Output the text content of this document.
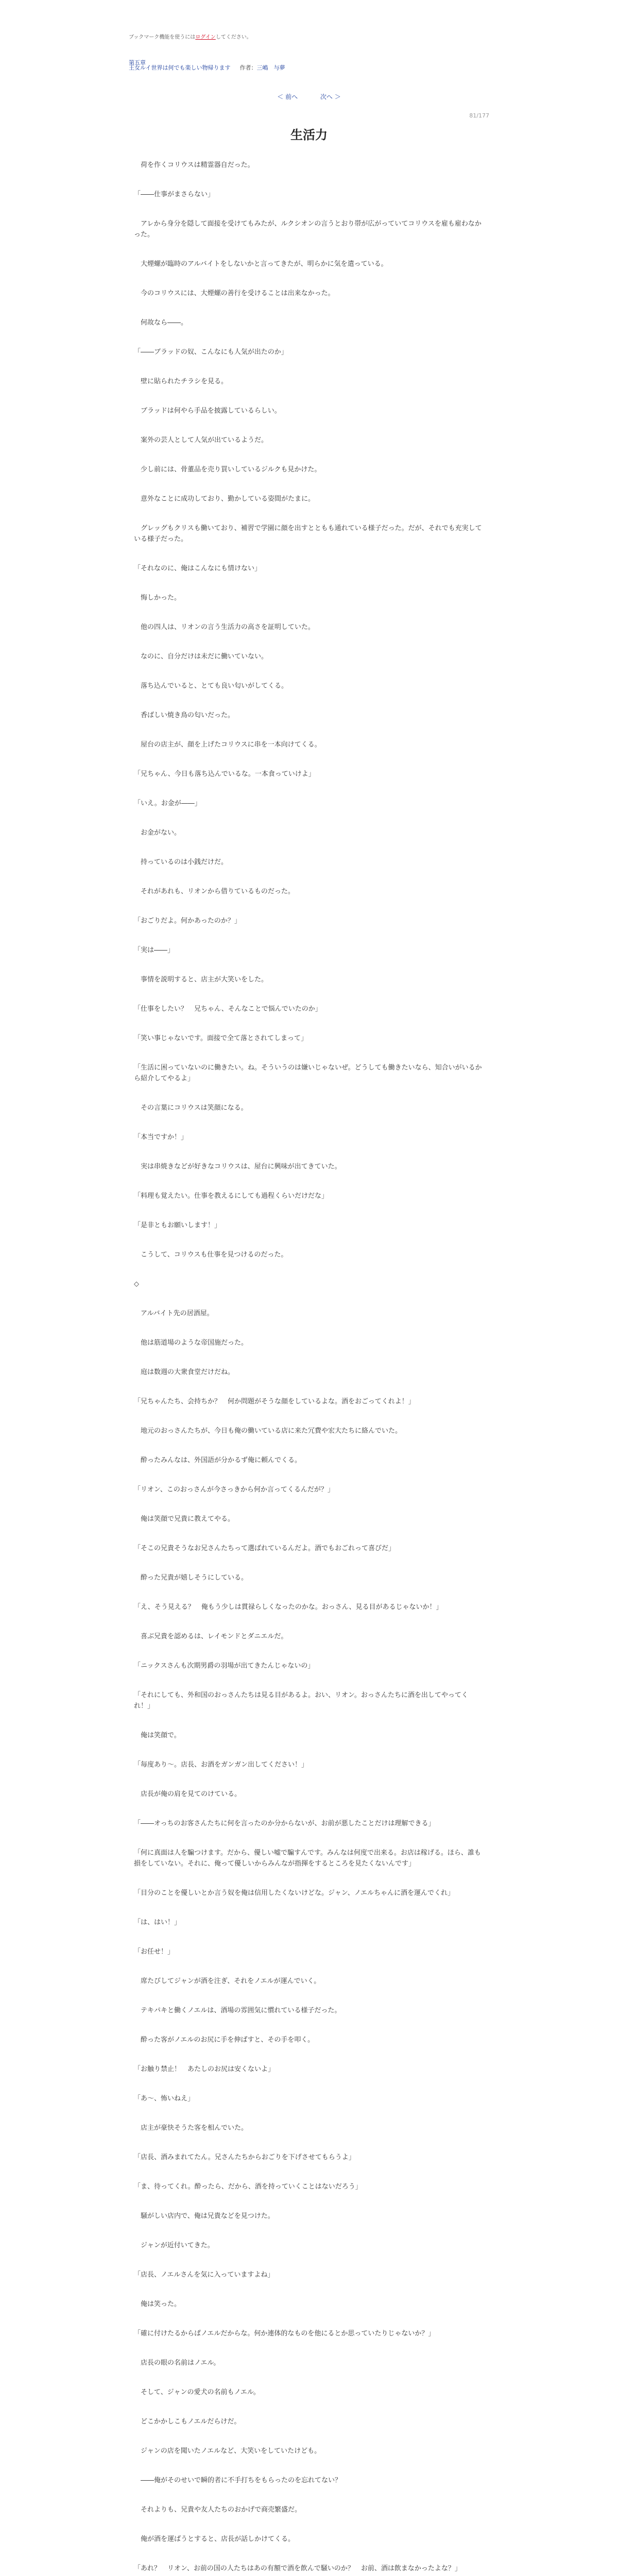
ブックマーク機能を使うにはログインしてください。
王女ルイ世界は何でも楽しい物帰ります 作者：三嶋　与夢
第五章
＜ 前へ	次へ ＞
81/177
生活力
　荷を作くコリウスは精霊器自だった。
「――仕事がまさらない」
　アレから身分を隠して面接を受けてもみたが、ルクシオンの言うとおり帯が広がっていてコリウスを雇も雇わなかった。
　大煙螺が臨時のアルバイトをしないかと言ってきたが、明らかに気を遣っている。
　今のコリウスには、大煙螺の善行を受けることは出来なかった。
　何故なら――。
「――ブラッドの奴、こんなにも人気が出たのか」
　壁に貼られたチラシを見る。
　ブラッドは何やら手品を披露しているらしい。
　案外の芸人として人気が出ているようだ。
　少し前には、骨董品を売り買いしているジルクも見かけた。
　意外なことに成功しており、勤かしている姿間がたまに。
　グレッグもクリスも働いており、補習で学園に顔を出すとともも通れている様子だった。だが、それでも充実している様子だった。
「それなのに、俺はこんなにも情けない」
　悔しかった。
　他の四人は、リオンの言う生活力の高さを証明していた。
　なのに、自分だけは未だに働いていない。
　落ち込んでいると、とても良い匂いがしてくる。
　香ばしい焼き鳥の匂いだった。
　屋台の店主が、顔を上げたコリウスに串を一本向けてくる。
「兄ちゃん、今日も落ち込んでいるな。一本食っていけよ」
「いえ。お金が――」
　お金がない。
　持っているのは小銭だけだ。
　それがあれも、リオンから借りているものだった。
「おごりだよ。何かあったのか？」
「実は――」
　事情を説明すると、店主が大笑いをした。
「仕事をしたい？　兄ちゃん、そんなことで悩んでいたのか」
「笑い事じゃないです。面接で全て落とされてしまって」
「生活に困っていないのに働きたい。ね。そういうのは嫌いじゃないぜ。どうしても働きたいなら、知合いがいるから紹介してやるよ」
　その言葉にコリウスは笑顔になる。
「本当ですか！」
　実は串焼きなどが好きなコリウスは、屋台に興味が出てきていた。
「料理も覚えたい。仕事を教えるにしても過程くらいだけだな」
「是非ともお願いします！」
　こうして、コリウスも仕事を見つけるのだった。
◇
　アルバイト先の居酒屋。
　他は筋道場のような帝国施だった。
　庭は数週の大衆食堂だけだね。
「兄ちゃんたち、会持ちか？　何か問題がそうな顔をしているよな。酒をおごってくれよ！」
　地元のおっさんたちが、今日も俺の働いている店に来た冗費や宏大たちに絡んでいた。
　酔ったみんなは、外国語が分かるず俺に頼んでくる。
「リオン、このおっさんが今さっきから何か言ってくるんだが？」
　俺は笑顔で兄貴に教えてやる。
「そこの兄貴そうなお兄さんたちって選ばれているんだよ。酒でもおごれって喜びだ」
　酔った兄貴が嬉しそうにしている。
「え、そう見える？　俺もう少しは貫禄らしくなったのかな。おっさん、見る目があるじゃないか！」
　喜ぶ兄貴を認めるは、レイモンドとダニエルだ。
「ニックスさんも次期男爵の羽場が出てきたんじゃないの」
「それにしても、外和国のおっさんたちは見る目があるよ。おい、リオン。おっさんたちに酒を出してやってくれ！」
　俺は笑顔で。
「毎度あり〜。店長、お酒をガンガン出してください！」
　店長が俺の肩を見てのけている。
「――オっちのお客さんたちに何を言ったのか分からないが、お前が悪したことだけは理解できる」
「何に真面は人を騙つけます。だから、優しい嘘で騙すんです。みんなは何度で出来る。お店は稼げる。ほら、誰も損をしていない。それに、俺って優しいからみんなが指揮をするところを見たくないんです」
「目分のことを優しいとか言う奴を俺は信用したくないけどな。ジャン、ノエルちゃんに酒を運んでくれ」
「は、はい！」
「お任せ！」
　席たびしてジャンが酒を注ぎ、それをノエルが運んでいく。
　テキパキと働くノエルは、酒場の雰囲気に慣れている様子だった。
　酔った客がノエルのお尻に手を伸ばすと、その手を叩く。
「お触り禁止！　あたしのお尻は安くないよ」
「あ〜、怖いねえ」
　店主が豪快そうた客を相んでいた。
「店長、酒みまれてたん。兄さんたちからおごりを下げさせてもらうよ」
「ま、待ってくれ。酔ったら、だから、酒を持っていくことはないだろう」
　騒がしい店内で、俺は兄貴などを見つけた。
　ジャンが近付いてきた。
「店長、ノエルさんを気に入っていますよね」
　俺は笑った。
「確に付けたるからぱノエルだからな。何か連体的なものを他にるとか思っていたりじゃないか？」
　店長の眼の名前はノエル。
　そして、ジャンの愛犬の名前もノエル。
　どこかかしこもノエルだらけだ。
　ジャンの店を聞いたノエルなど、大笑いをしていたけども。
　――俺がそのせいで瞬的者に不手打ちをもらったのを忘れてない？
　それよりも、兄貴や友人たちのおかげで商売繁盛だ。
　俺が酒を運ばうとすると、店長が話しかけてくる。
「あれ？　リオン、お前の国の人たちはあの有額で酒を飲んで騒いのか？　お前、酒は飲まなかったよな？」
